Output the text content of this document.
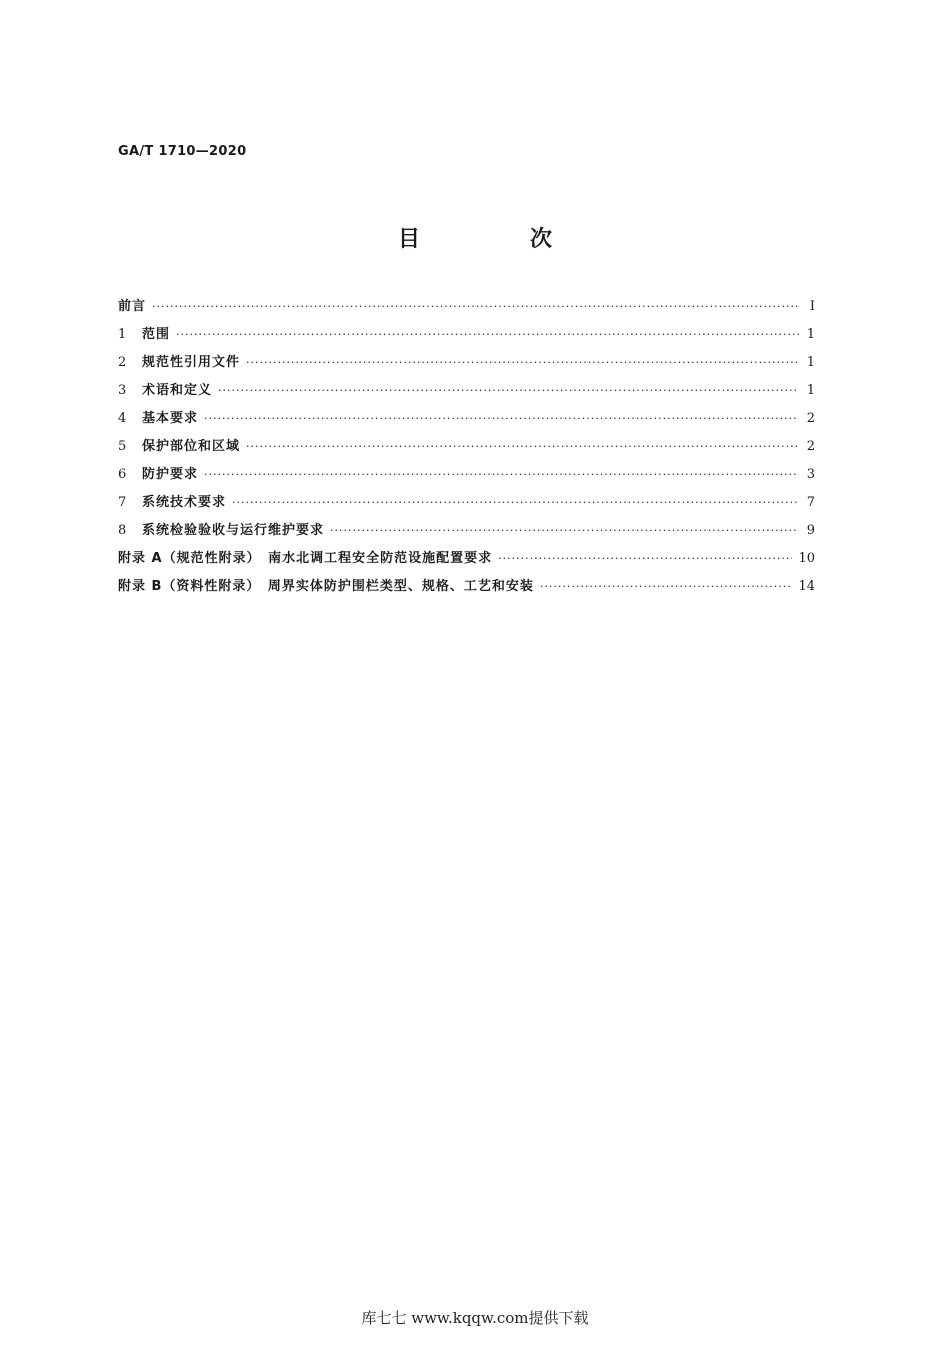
GA/T 1710—2020
目　次
前言 ·····	Ⅰ
1	范围 ·····	1
2	规范性引用文件 ·····	1
3	术语和定义 ·····	1
4	基本要求 ·····	2
5	保护部位和区域 ·····	2
6	防护要求 ·····	3
7	系统技术要求 ·····	7
8	系统检验验收与运行维护要求 ·····	9
附录 A（规范性附录）　南水北调工程安全防范设施配置要求 ·····	10
附录 B（资料性附录）　周界实体防护围栏类型、规格、工艺和安装 ·····	14
库七七 www.kqqw.com提供下载
